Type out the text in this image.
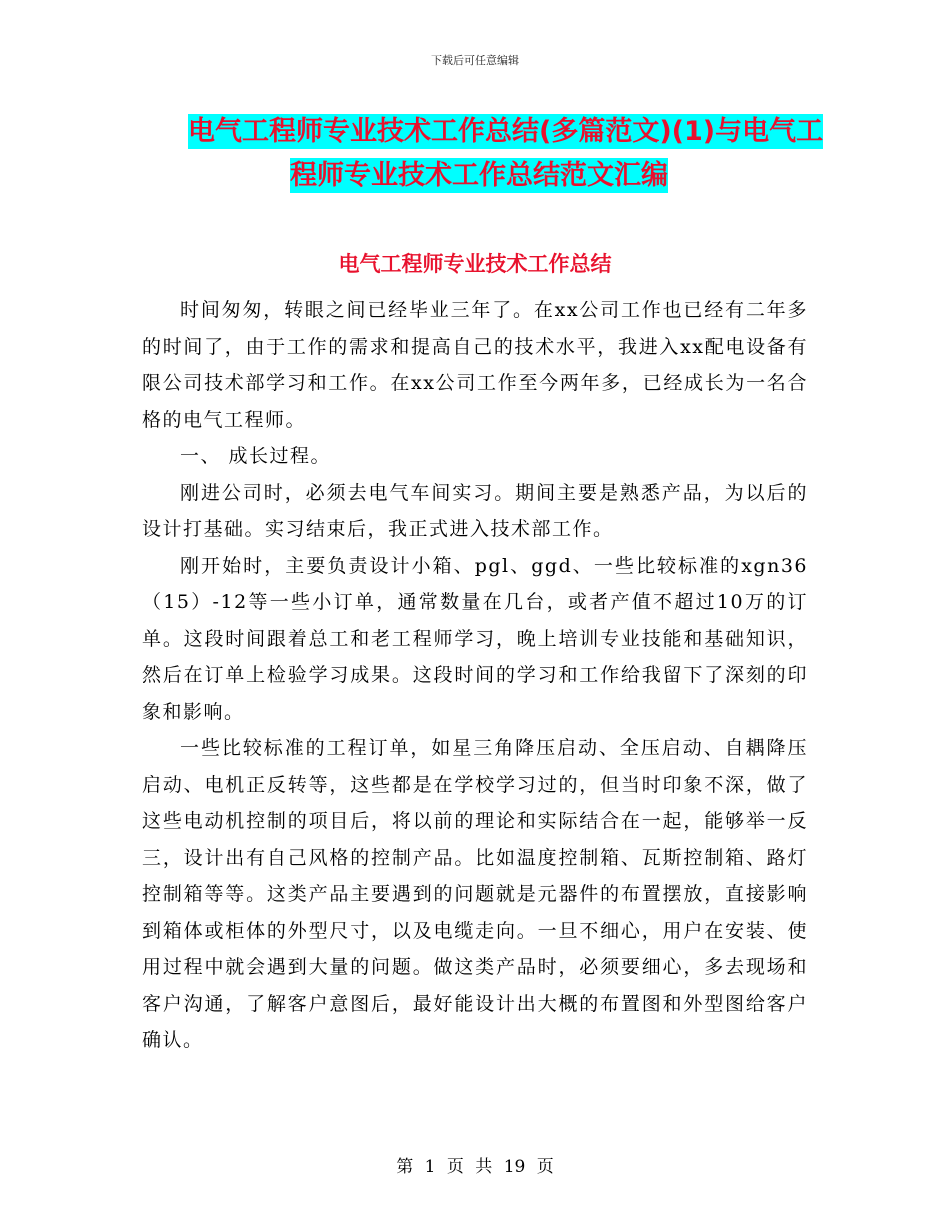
下载后可任意编辑
电气工程师专业技术工作总结(多篇范文)(1)与电气工
程师专业技术工作总结范文汇编
电气工程师专业技术工作总结

时间匆匆，转眼之间已经毕业三年了。在xx公司工作也已经有二年多的时间了，由于工作的需求和提高自己的技术水平，我进入xx配电设备有限公司技术部学习和工作。在xx公司工作至今两年多，已经成长为一名合格的电气工程师。

一、 成长过程。

刚进公司时，必须去电气车间实习。期间主要是熟悉产品，为以后的设计打基础。实习结束后，我正式进入技术部工作。

刚开始时，主要负责设计小箱、pgl、ggd、一些比较标准的xgn36（15）-12等一些小订单，通常数量在几台，或者产值不超过10万的订单。这段时间跟着总工和老工程师学习，晚上培训专业技能和基础知识，然后在订单上检验学习成果。这段时间的学习和工作给我留下了深刻的印象和影响。

一些比较标准的工程订单，如星三角降压启动、全压启动、自耦降压启动、电机正反转等，这些都是在学校学习过的，但当时印象不深，做了这些电动机控制的项目后，将以前的理论和实际结合在一起，能够举一反三，设计出有自己风格的控制产品。比如温度控制箱、瓦斯控制箱、路灯控制箱等等。这类产品主要遇到的问题就是元器件的布置摆放，直接影响到箱体或柜体的外型尺寸，以及电缆走向。一旦不细心，用户在安装、使用过程中就会遇到大量的问题。做这类产品时，必须要细心，多去现场和客户沟通，了解客户意图后，最好能设计出大概的布置图和外型图给客户确认。

第 1 页 共 19 页
